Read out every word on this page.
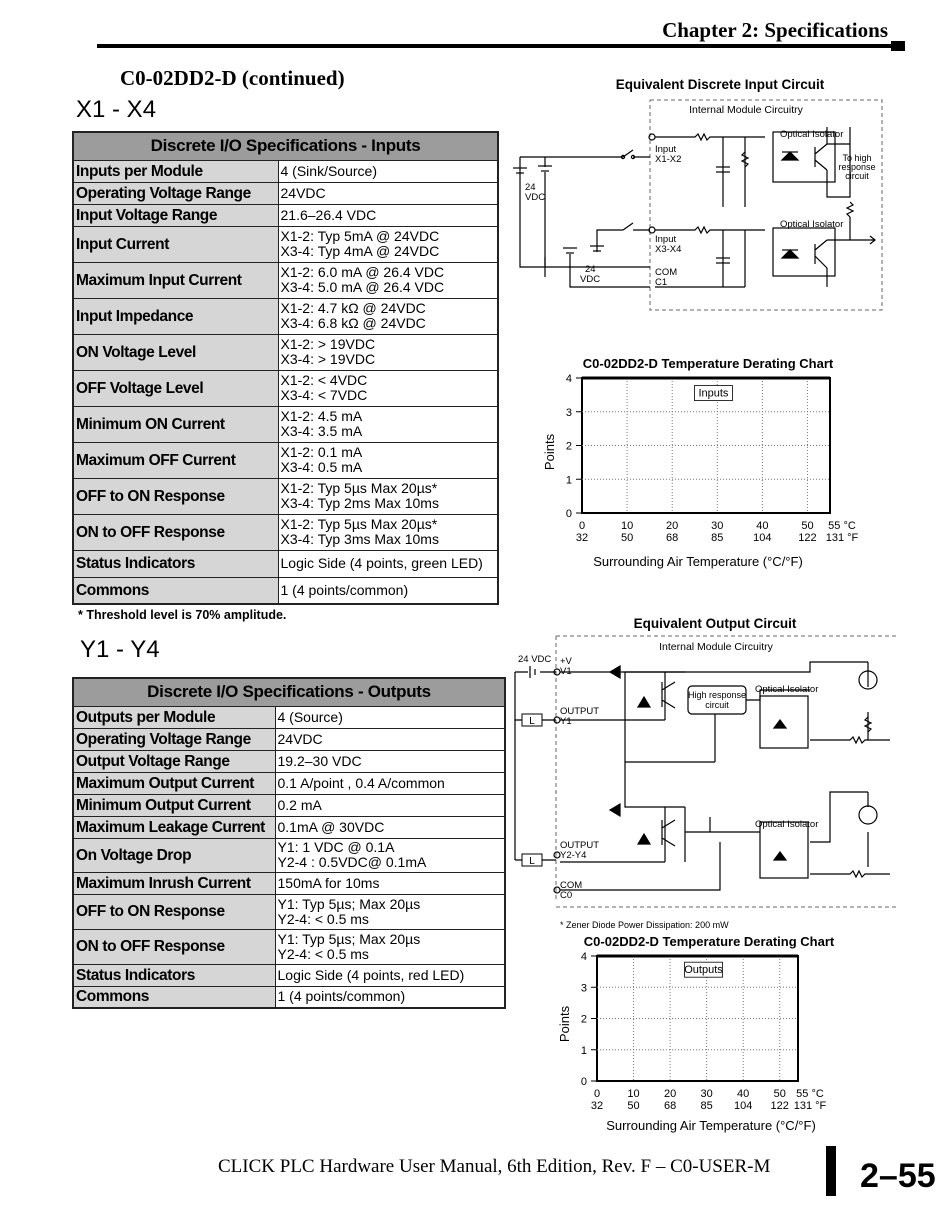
Chapter 2: Specifications
C0-02DD2-D (continued)
X1 - X4
Discrete I/O Specifications - Inputs	
Inputs per Module	4 (Sink/Source)
Operating Voltage Range	24VDC
Input Voltage Range	21.6–26.4 VDC
Input Current	X1-2: Typ 5mA @ 24VDC
X3-4: Typ 4mA @ 24VDC
Maximum Input Current	X1-2: 6.0 mA @ 26.4 VDC
X3-4: 5.0 mA @ 26.4 VDC
Input Impedance	X1-2: 4.7 kΩ @ 24VDC
X3-4: 6.8 kΩ @ 24VDC
ON Voltage Level	X1-2: > 19VDC
X3-4: > 19VDC
OFF Voltage Level	X1-2: < 4VDC
X3-4: < 7VDC
Minimum ON Current	X1-2: 4.5 mA
X3-4: 3.5 mA
Maximum OFF Current	X1-2: 0.1 mA
X3-4: 0.5 mA
OFF to ON Response	X1-2: Typ 5µs Max 20µs*
X3-4: Typ 2ms Max 10ms
ON to OFF Response	X1-2: Typ 5µs Max 20µs*
X3-4: Typ 3ms Max 10ms
Status Indicators	Logic Side (4 points, green LED)
Commons	1 (4 points/common)
* Threshold level is 70% amplitude.
Y1 - Y4
Discrete I/O Specifications - Outputs	
Outputs per Module	4 (Source)
Operating Voltage Range	24VDC
Output Voltage Range	19.2–30 VDC
Maximum Output Current	0.1 A/point , 0.4 A/common
Minimum Output Current	0.2 mA
Maximum Leakage Current	0.1mA @ 30VDC
On Voltage Drop	Y1: 1 VDC @ 0.1A
Y2-4 : 0.5VDC@ 0.1mA
Maximum Inrush Current	150mA for 10ms
OFF to ON Response	Y1: Typ 5µs; Max 20µs
Y2-4: < 0.5 ms
ON to OFF Response	Y1: Typ 5µs; Max 20µs
Y2-4: < 0.5 ms
Status Indicators	Logic Side (4 points, red LED)
Commons	1 (4 points/common)
Equivalent Discrete Input Circuit
Internal Module Circuitry
24 VDC
24 VDC
Input X1-X2
Input X3-X4
COM C1
Optical Isolator
Optical Isolator
To high response circuit
C0-02DD2-D Temperature Derating Chart
Surrounding Air Temperature (°C/°F)
Points
0
1
2
3
4
0
32
10
50
20
68
30
85
40
104
50
122
55 °C
131 °F
Inputs
Equivalent Output Circuit
Internal Module Circuitry
L
L
24 VDC +V V1
OUTPUT Y1
OUTPUT Y2-Y4
COM C0
High response circuit
Optical Isolator
Optical Isolator
* Zener Diode Power Dissipation: 200 mW
C0-02DD2-D Temperature Derating Chart
Surrounding Air Temperature (°C/°F)
Points
0
1
2
3
4
0
32
10
50
20
68
30
85
40
104
50
122
55 °C
131 °F
Outputs
CLICK PLC Hardware User Manual, 6th Edition, Rev. F – C0-USER-M	2–55
